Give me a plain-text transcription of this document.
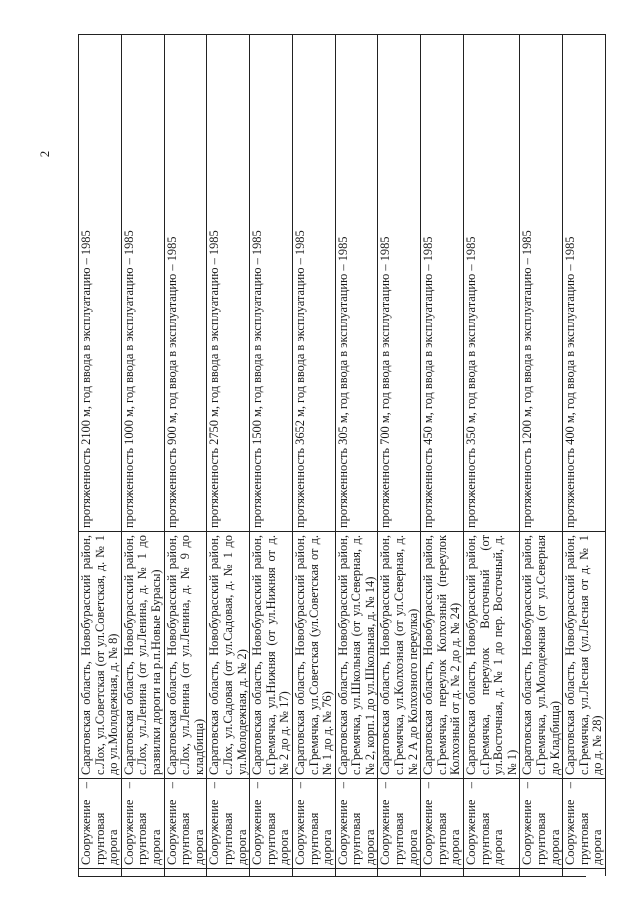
2
Сооружение – грунтовая дорога
Саратовская область, Новобурасский район, с.Лох, ул.Советская (от ул.Советская, д. № 1 до ул.Молодежная, д. № 8)
протяженность 2100 м, год ввода в эксплуатацию – 1985
Сооружение – грунтовая дорога
Саратовская область, Новобурасский район, с.Лох, ул.Ленина (от ул.Ленина, д. № 1 до развилки дороги на р.п.Новые Бурасы)
протяженность 1000 м, год ввода в эксплуатацию – 1985
Сооружение – грунтовая дорога
Саратовская область, Новобурасский район, с.Лох, ул.Ленина (от ул.Ленина, д. № 9 до кладбища)
протяженность 900 м, год ввода в эксплуатацию – 1985
Сооружение – грунтовая дорога
Саратовская область, Новобурасский район, с.Лох, ул.Садовая (от ул.Садовая, д. № 1 до ул.Молодежная, д. № 2)
протяженность 2750 м, год ввода в эксплуатацию – 1985
Сооружение – грунтовая дорога
Саратовская область, Новобурасский район, с.Гремячка, ул.Нижняя (от ул.Нижняя от д. № 2 до д. № 17)
протяженность 1500 м, год ввода в эксплуатацию – 1985
Сооружение – грунтовая дорога
Саратовская область, Новобурасский район, с.Гремячка, ул.Советская (ул.Советская от д. № 1 до д. № 76)
протяженность 3652 м, год ввода в эксплуатацию – 1985
Сооружение – грунтовая дорога
Саратовская область, Новобурасский район, с.Гремячка, ул.Школьная (от ул.Северная, д. № 2, корп.1 до ул.Школьная, д. № 14)
протяженность 305 м, год ввода в эксплуатацию – 1985
Сооружение – грунтовая дорога
Саратовская область, Новобурасский район, с.Гремячка, ул.Колхозная (от ул.Северная, д. № 2 А до Колхозного переулка)
протяженность 700 м, год ввода в эксплуатацию – 1985
Сооружение – грунтовая дорога
Саратовская область, Новобурасский район, с.Гремячка, переулок Колхозный (переулок Колхозный от д. № 2 до д. № 24)
протяженность 450 м, год ввода в эксплуатацию – 1985
Сооружение – грунтовая дорога
Саратовская область, Новобурасский район, с.Гремячка, переулок Восточный (от ул.Восточная, д. № 1 до пер. Восточный, д. № 1)
протяженность 350 м, год ввода в эксплуатацию – 1985
Сооружение – грунтовая дорога
Саратовская область, Новобурасский район, с.Гремячка, ул.Молодежная (от ул.Северная до Кладбища)
протяженность 1200 м, год ввода в эксплуатацию – 1985
Сооружение – грунтовая дорога
Саратовская область, Новобурасский район, с.Гремячка, ул.Лесная (ул.Лесная от д. № 1 до д. № 28)
протяженность 400 м, год ввода в эксплуатацию – 1985
